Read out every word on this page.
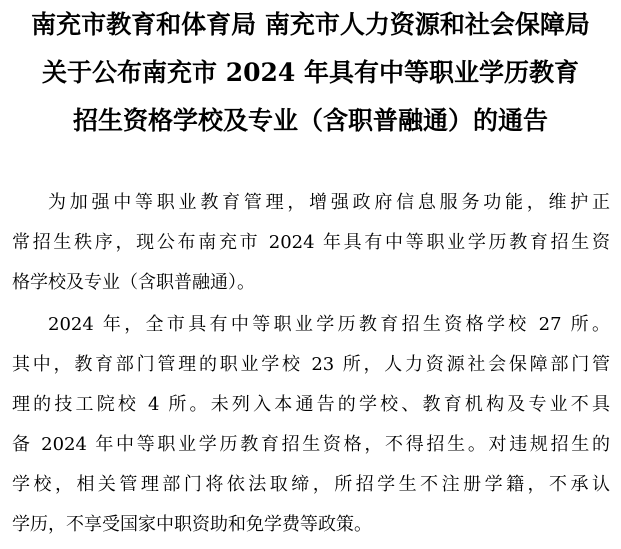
南充市教育和体育局 南充市人力资源和社会保障局
关于公布南充市 2024 年具有中等职业学历教育
招生资格学校及专业（含职普融通）的通告
为加强中等职业教育管理，增强政府信息服务功能，维护正
常招生秩序，现公布南充市 2024 年具有中等职业学历教育招生资
格学校及专业（含职普融通）。
2024 年，全市具有中等职业学历教育招生资格学校 27 所。
其中，教育部门管理的职业学校 23 所，人力资源社会保障部门管
理的技工院校 4 所。未列入本通告的学校、教育机构及专业不具
备 2024 年中等职业学历教育招生资格，不得招生。对违规招生的
学校，相关管理部门将依法取缔，所招学生不注册学籍，不承认
学历，不享受国家中职资助和免学费等政策。
